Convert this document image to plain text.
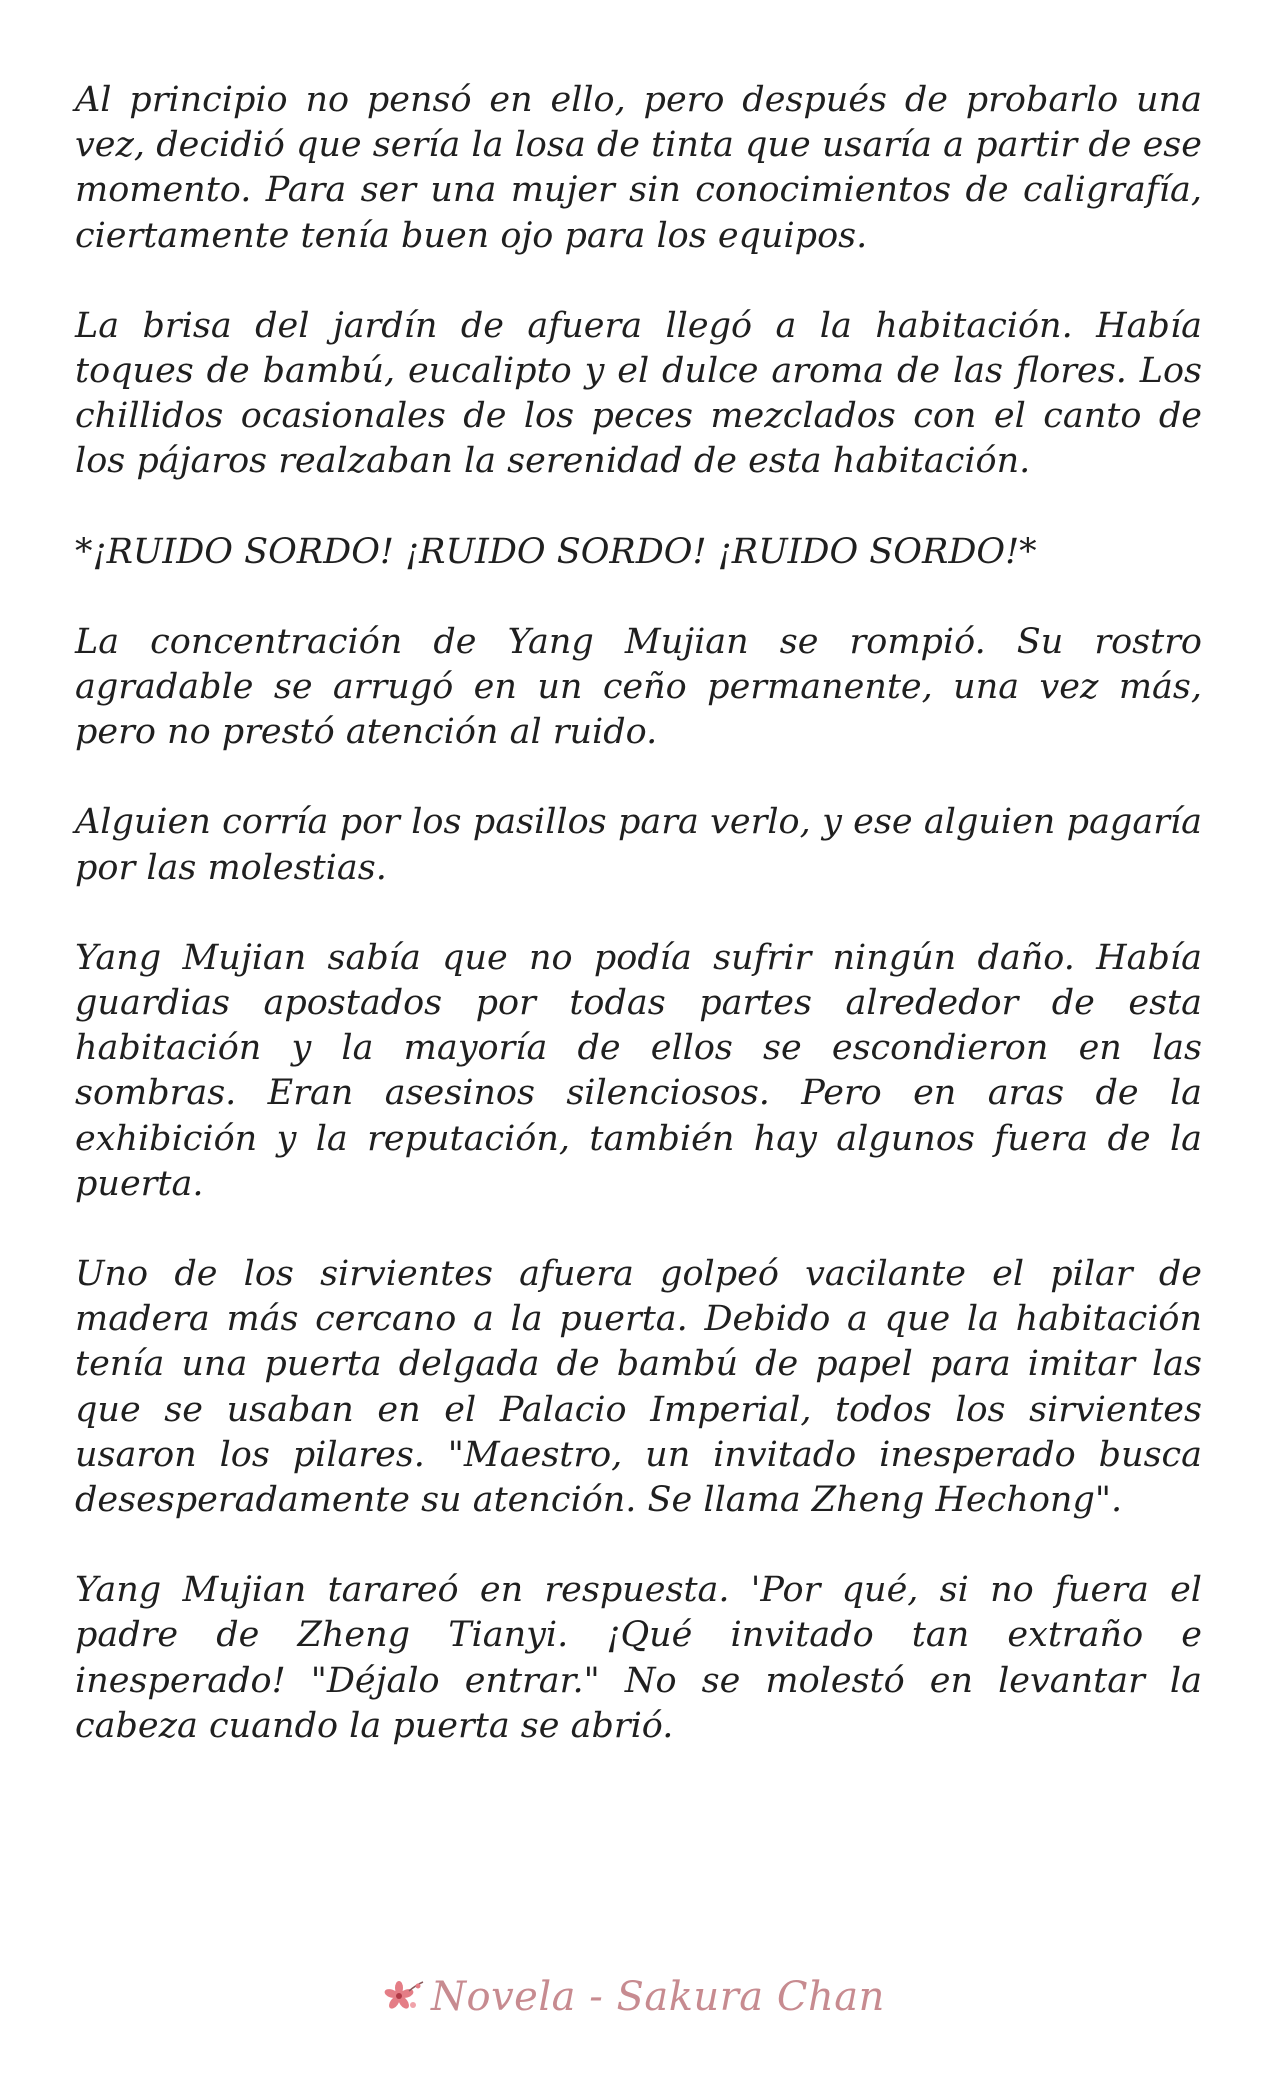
Al principio no pensó en ello, pero después de probarlo una vez, decidió que sería la losa de tinta que usaría a partir de ese momento. Para ser una mujer sin conocimientos de caligrafía, ciertamente tenía buen ojo para los equipos.

La brisa del jardín de afuera llegó a la habitación. Había toques de bambú, eucalipto y el dulce aroma de las flores. Los chillidos ocasionales de los peces mezclados con el canto de los pájaros realzaban la serenidad de esta habitación.

*¡RUIDO SORDO! ¡RUIDO SORDO! ¡RUIDO SORDO!*

La concentración de Yang Mujian se rompió. Su rostro agradable se arrugó en un ceño permanente, una vez más, pero no prestó atención al ruido.

Alguien corría por los pasillos para verlo, y ese alguien pagaría por las molestias.

Yang Mujian sabía que no podía sufrir ningún daño. Había guardias apostados por todas partes alrededor de esta habitación y la mayoría de ellos se escondieron en las sombras. Eran asesinos silenciosos. Pero en aras de la exhibición y la reputación, también hay algunos fuera de la puerta.

Uno de los sirvientes afuera golpeó vacilante el pilar de madera más cercano a la puerta. Debido a que la habitación tenía una puerta delgada de bambú de papel para imitar las que se usaban en el Palacio Imperial, todos los sirvientes usaron los pilares. "Maestro, un invitado inesperado busca desesperadamente su atención. Se llama Zheng Hechong".

Yang Mujian tarareó en respuesta. 'Por qué, si no fuera el padre de Zheng Tianyi. ¡Qué invitado tan extraño e inesperado! "Déjalo entrar." No se molestó en levantar la cabeza cuando la puerta se abrió.

Novela - Sakura Chan
